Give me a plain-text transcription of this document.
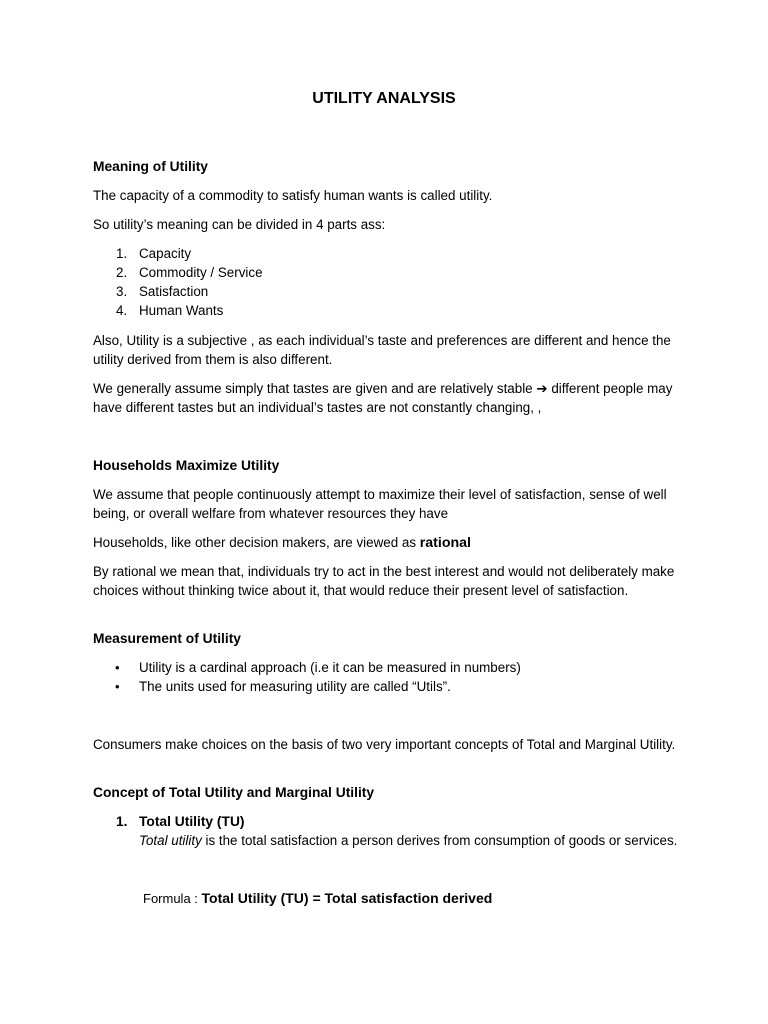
UTILITY ANALYSIS
Meaning of Utility
The capacity of a commodity to satisfy human wants is called utility.
So utility’s meaning can be divided in 4 parts ass:
1. Capacity
2. Commodity / Service
3. Satisfaction
4. Human Wants
Also, Utility is a subjective , as each individual’s taste and preferences are different and hence the utility derived from them is also different.
We generally assume simply that tastes are given and are relatively stable ➔ different people may have different tastes but an individual’s tastes are not constantly changing, ,
Households Maximize Utility
We assume that people continuously attempt to maximize their level of satisfaction, sense of well being, or overall welfare from whatever resources they have
Households, like other decision makers, are viewed as rational
By rational we mean that, individuals try to act in the best interest and would not deliberately make choices without thinking twice about it, that would reduce their present level of satisfaction.
Measurement of Utility
• Utility is a cardinal approach (i.e it can be measured in numbers)
• The units used for measuring utility are called “Utils”.
Consumers make choices on the basis of two very important concepts of Total and Marginal Utility.
Concept of Total Utility and Marginal Utility
1. Total Utility (TU)
Total utility is the total satisfaction a person derives from consumption of goods or services.
Formula : Total Utility (TU) = Total satisfaction derived
